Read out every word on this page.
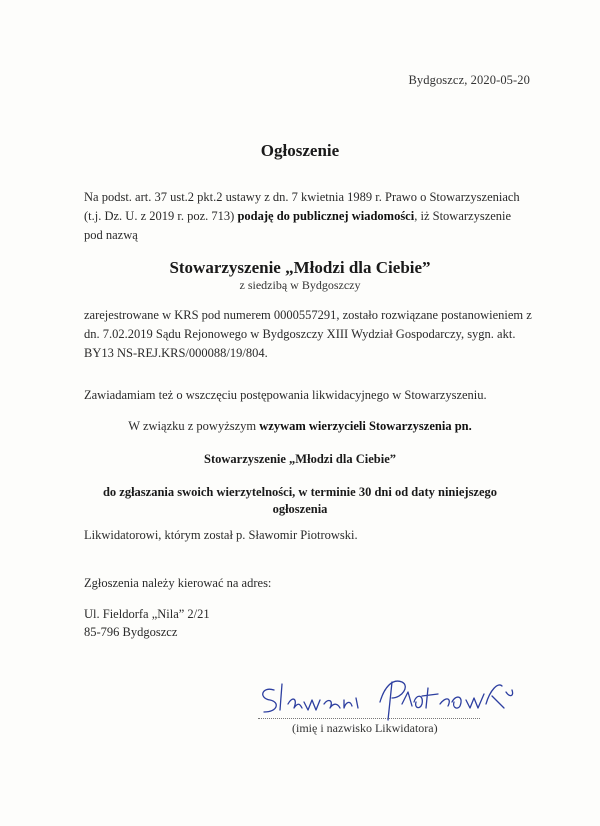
Bydgoszcz, 2020-05-20

Ogłoszenie

Na podst. art. 37 ust.2 pkt.2 ustawy z dn. 7 kwietnia 1989 r. Prawo o Stowarzyszeniach (t.j. Dz. U. z 2019 r. poz. 713) podaję do publicznej wiadomości, iż Stowarzyszenie pod nazwą

Stowarzyszenie „Młodzi dla Ciebie”

z siedzibą w Bydgoszczy

zarejestrowane w KRS pod numerem 0000557291, zostało rozwiązane postanowieniem z dn. 7.02.2019 Sądu Rejonowego w Bydgoszczy XIII Wydział Gospodarczy, sygn. akt. BY13 NS-REJ.KRS/000088/19/804.

Zawiadamiam też o wszczęciu postępowania likwidacyjnego w Stowarzyszeniu.

W związku z powyższym wzywam wierzycieli Stowarzyszenia pn.

Stowarzyszenie „Młodzi dla Ciebie”

do zgłaszania swoich wierzytelności, w terminie 30 dni od daty niniejszego ogłoszenia

Likwidatorowi, którym został p. Sławomir Piotrowski.

Zgłoszenia należy kierować na adres:

Ul. Fieldorfa „Nila” 2/21

85-796 Bydgoszcz

(imię i nazwisko Likwidatora)
